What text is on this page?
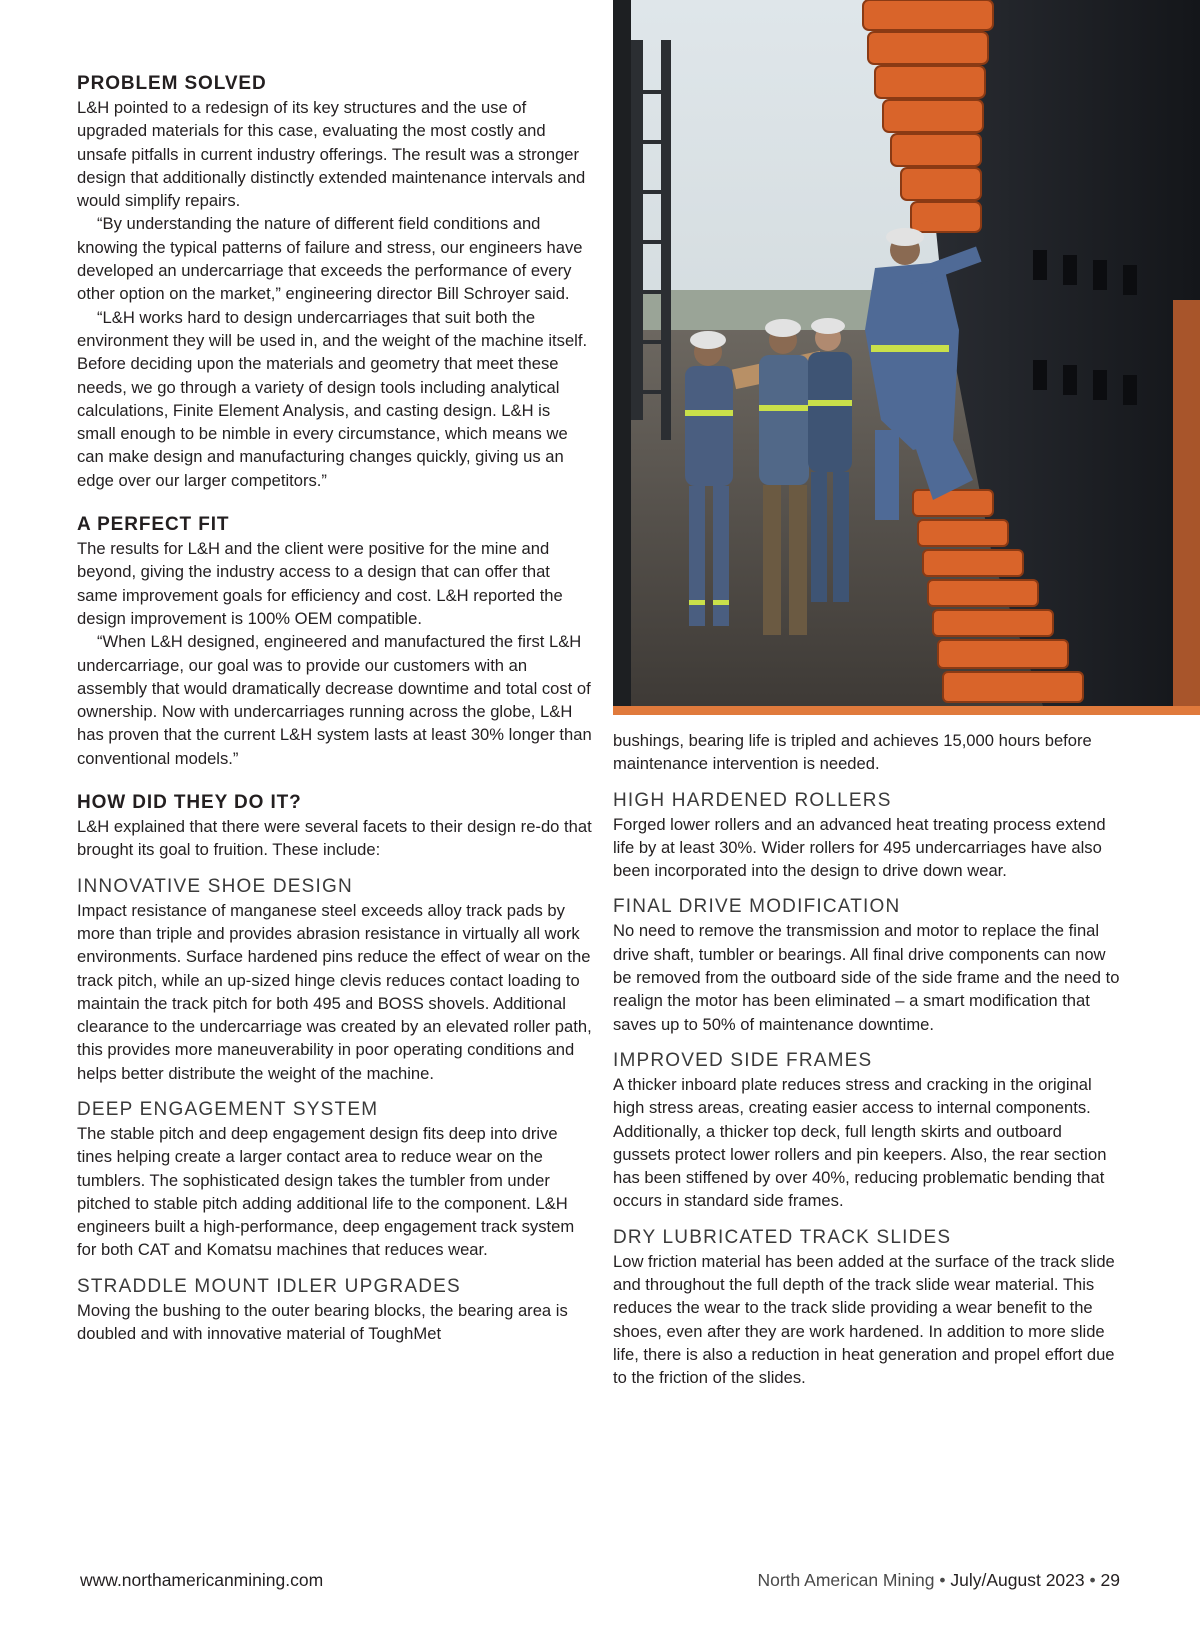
PROBLEM SOLVED

L&H pointed to a redesign of its key structures and the use of upgraded materials for this case, evaluating the most costly and unsafe pitfalls in current industry offerings. The result was a stronger design that additionally distinctly extended maintenance intervals and would simplify repairs.

“By understanding the nature of different field conditions and knowing the typical patterns of failure and stress, our engineers have developed an undercarriage that exceeds the performance of every other option on the market,” engineering director Bill Schroyer said.

“L&H works hard to design undercarriages that suit both the environment they will be used in, and the weight of the machine itself. Before deciding upon the materials and geometry that meet these needs, we go through a variety of design tools including analytical calculations, Finite Element Analysis, and casting design. L&H is small enough to be nimble in every circumstance, which means we can make design and manufacturing changes quickly, giving us an edge over our larger competitors.”

A PERFECT FIT

The results for L&H and the client were positive for the mine and beyond, giving the industry access to a design that can offer that same improvement goals for efficiency and cost. L&H reported the design improvement is 100% OEM compatible.

“When L&H designed, engineered and manufactured the first L&H undercarriage, our goal was to provide our customers with an assembly that would dramatically decrease downtime and total cost of ownership. Now with undercarriages running across the globe, L&H has proven that the current L&H system lasts at least 30% longer than conventional models.”

HOW DID THEY DO IT?

L&H explained that there were several facets to their design re-do that brought its goal to fruition. These include:

INNOVATIVE SHOE DESIGN

Impact resistance of manganese steel exceeds alloy track pads by more than triple and provides abrasion resistance in virtually all work environments. Surface hardened pins reduce the effect of wear on the track pitch, while an up-sized hinge clevis reduces contact loading to maintain the track pitch for both 495 and BOSS shovels. Additional clearance to the undercarriage was created by an elevated roller path, this provides more maneuverability in poor operating conditions and helps better distribute the weight of the machine.

DEEP ENGAGEMENT SYSTEM

The stable pitch and deep engagement design fits deep into drive tines helping create a larger contact area to reduce wear on the tumblers. The sophisticated design takes the tumbler from under pitched to stable pitch adding additional life to the component. L&H engineers built a high-performance, deep engagement track system for both CAT and Komatsu machines that reduces wear.

STRADDLE MOUNT IDLER UPGRADES

Moving the bushing to the outer bearing blocks, the bearing area is doubled and with innovative material of ToughMet

bushings, bearing life is tripled and achieves 15,000 hours before maintenance intervention is needed.

HIGH HARDENED ROLLERS

Forged lower rollers and an advanced heat treating process extend life by at least 30%. Wider rollers for 495 undercarriages have also been incorporated into the design to drive down wear.

FINAL DRIVE MODIFICATION

No need to remove the transmission and motor to replace the final drive shaft, tumbler or bearings. All final drive components can now be removed from the outboard side of the side frame and the need to realign the motor has been eliminated – a smart modification that saves up to 50% of maintenance downtime.

IMPROVED SIDE FRAMES

A thicker inboard plate reduces stress and cracking in the original high stress areas, creating easier access to internal components. Additionally, a thicker top deck, full length skirts and outboard gussets protect lower rollers and pin keepers. Also, the rear section has been stiffened by over 40%, reducing problematic bending that occurs in standard side frames.

DRY LUBRICATED TRACK SLIDES

Low friction material has been added at the surface of the track slide and throughout the full depth of the track slide wear material. This reduces the wear to the track slide providing a wear benefit to the shoes, even after they are work hardened. In addition to more slide life, there is also a reduction in heat generation and propel effort due to the friction of the slides.

www.northamericanmining.com	North American Mining • July/August 2023 • 29
